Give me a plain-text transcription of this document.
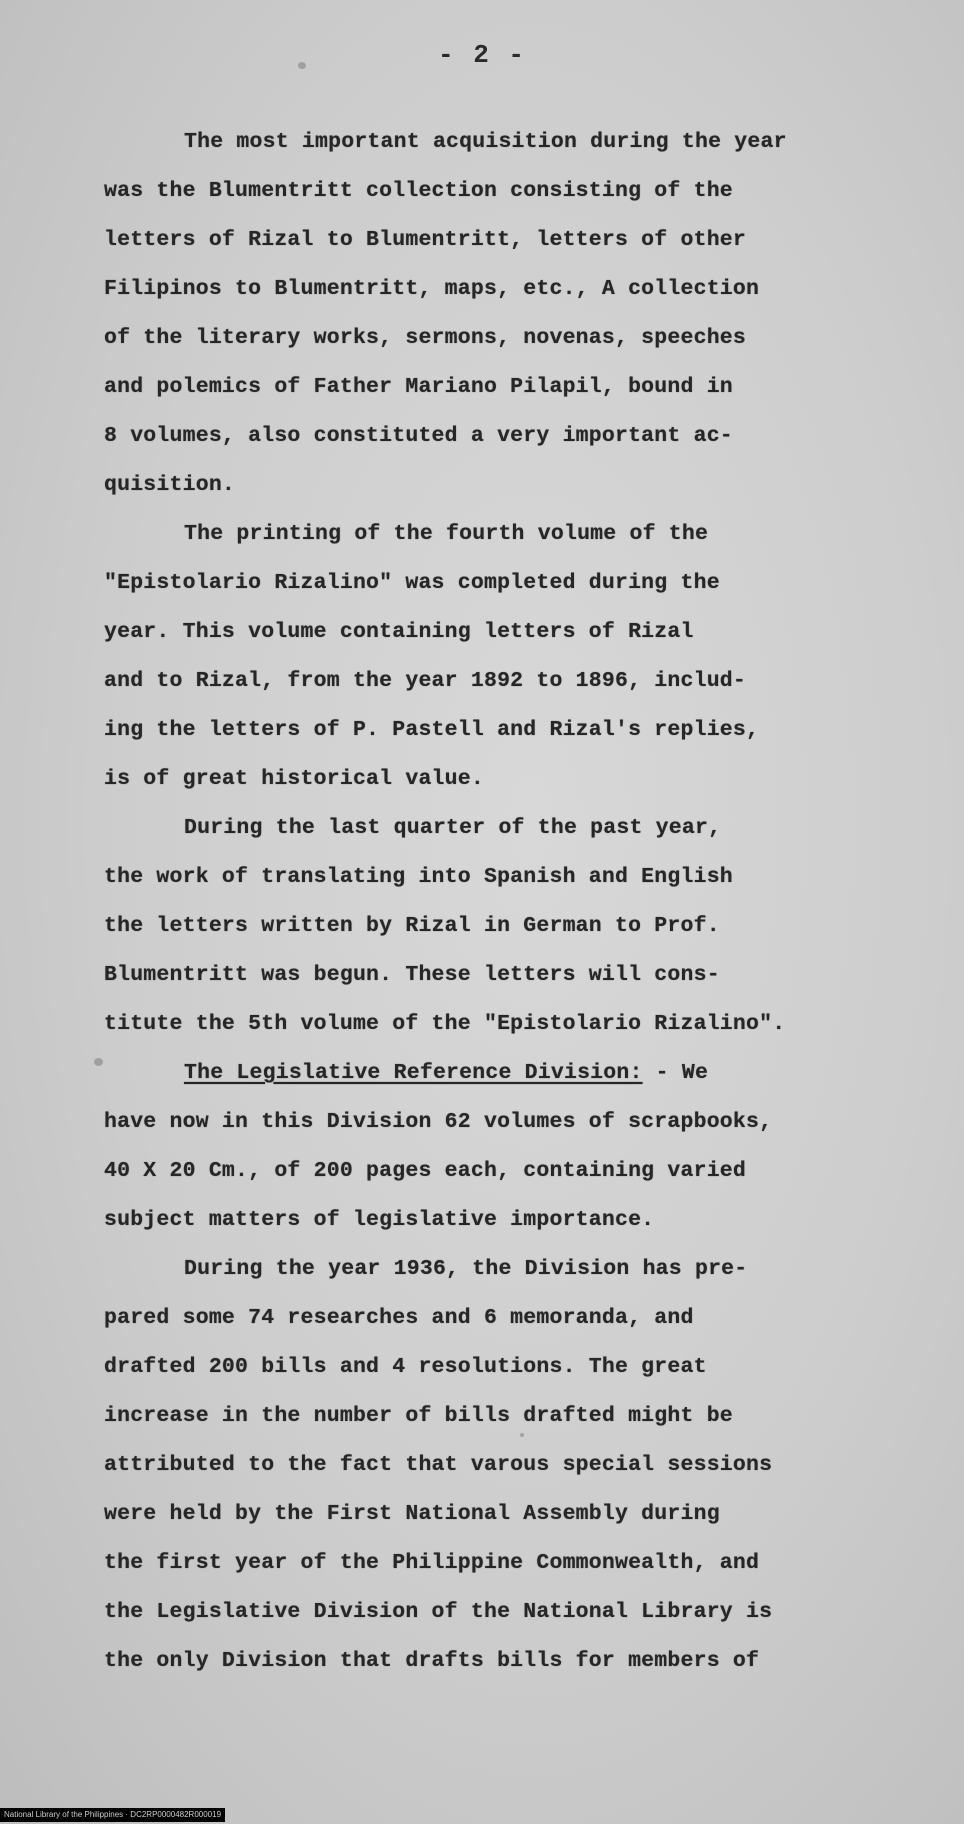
- 2 -
The most important acquisition during the year
was the Blumentritt collection consisting of the
letters of Rizal to Blumentritt, letters of other
Filipinos to Blumentritt, maps, etc., A collection
of the literary works, sermons, novenas, speeches
and polemics of Father Mariano Pilapil, bound in
8 volumes, also constituted a very important ac-
quisition.
The printing of the fourth volume of the
"Epistolario Rizalino" was completed during the
year. This volume containing letters of Rizal
and to Rizal, from the year 1892 to 1896, includ-
ing the letters of P. Pastell and Rizal's replies,
is of great historical value.
During the last quarter of the past year,
the work of translating into Spanish and English
the letters written by Rizal in German to Prof.
Blumentritt was begun. These letters will cons-
titute the 5th volume of the "Epistolario Rizalino".
The Legislative Reference Division: - We
have now in this Division 62 volumes of scrapbooks,
40 X 20 Cm., of 200 pages each, containing varied
subject matters of legislative importance.
During the year 1936, the Division has pre-
pared some 74 researches and 6 memoranda, and
drafted 200 bills and 4 resolutions. The great
increase in the number of bills drafted might be
attributed to the fact that varous special sessions
were held by the First National Assembly during
the first year of the Philippine Commonwealth, and
the Legislative Division of the National Library is
the only Division that drafts bills for members of
National Library of the Philippines · DC2RP0000482R000019
